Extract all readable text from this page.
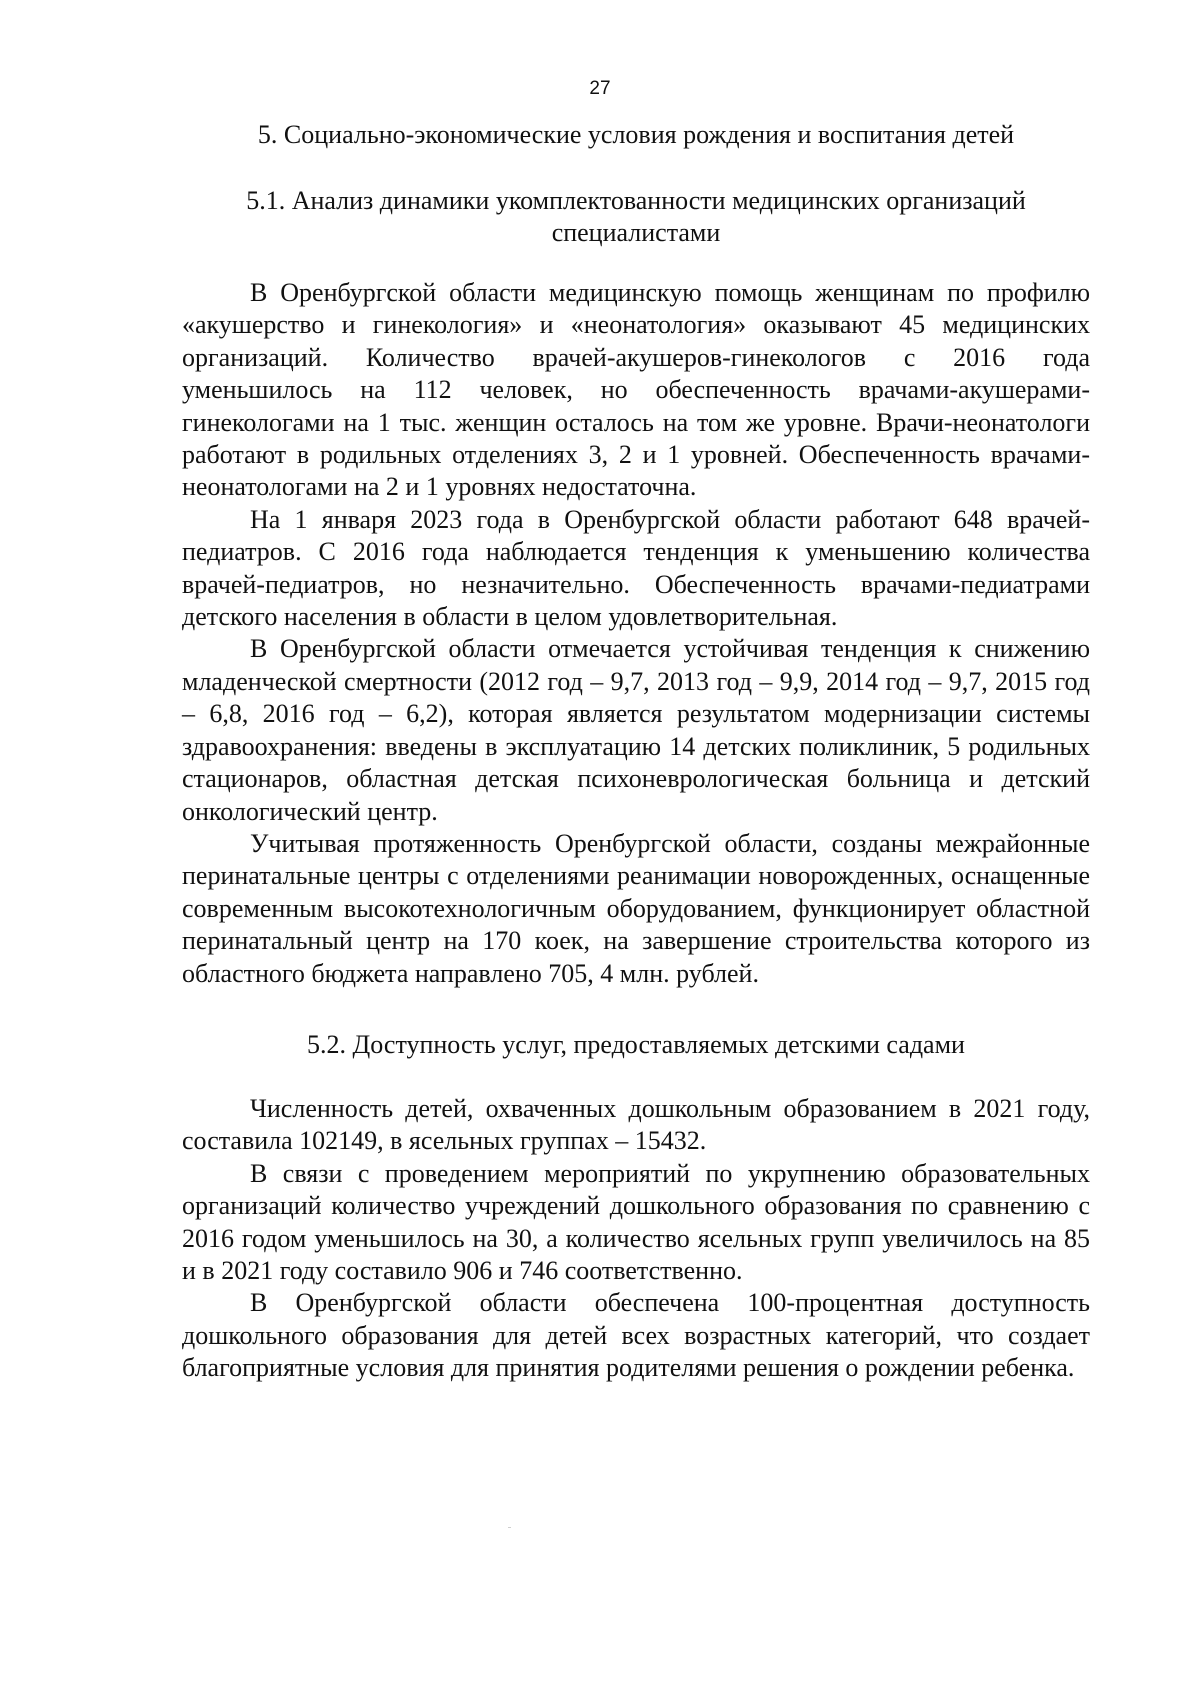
27
5. Социально-экономические условия рождения и воспитания детей
5.1. Анализ динамики укомплектованности медицинских организаций
специалистами

В Оренбургской области медицинскую помощь женщинам по профилю «акушерство и гинекология» и «неонатология» оказывают 45 медицинских организаций. Количество врачей-акушеров-гинекологов с 2016 года уменьшилось на 112 человек, но обеспеченность врачами-акушерами-гинекологами на 1 тыс. женщин осталось на том же уровне. Врачи-неонатологи работают в родильных отделениях 3, 2 и 1 уровней. Обеспеченность врачами-неонатологами на 2 и 1 уровнях недостаточна.

На 1 января 2023 года в Оренбургской области работают 648 врачей-педиатров. С 2016 года наблюдается тенденция к уменьшению количества врачей-педиатров, но незначительно. Обеспеченность врачами-педиатрами детского населения в области в целом удовлетворительная.

В Оренбургской области отмечается устойчивая тенденция к снижению младенческой смертности (2012 год – 9,7, 2013 год – 9,9, 2014 год – 9,7, 2015 год – 6,8, 2016 год – 6,2), которая является результатом модернизации системы здравоохранения: введены в эксплуатацию 14 детских поликлиник, 5 родильных стационаров, областная детская психоневрологическая больница и детский онкологический центр.

Учитывая протяженность Оренбургской области, созданы межрайонные перинатальные центры с отделениями реанимации новорожденных, оснащенные современным высокотехнологичным оборудованием, функционирует областной перинатальный центр на 170 коек, на завершение строительства которого из областного бюджета направлено 705, 4 млн. рублей.

5.2. Доступность услуг, предоставляемых детскими садами

Численность детей, охваченных дошкольным образованием в 2021 году, составила 102149, в ясельных группах – 15432.

В связи с проведением мероприятий по укрупнению образовательных организаций количество учреждений дошкольного образования по сравнению с 2016 годом уменьшилось на 30, а количество ясельных групп увеличилось на 85 и в 2021 году составило 906 и 746 соответственно.

В Оренбургской области обеспечена 100-процентная доступность дошкольного образования для детей всех возрастных категорий, что создает благоприятные условия для принятия родителями решения о рождении ребенка.
